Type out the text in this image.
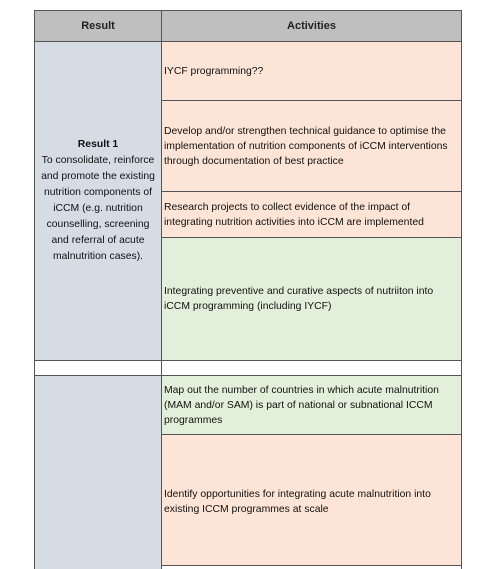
Result	Activities
Result 1
To consolidate, reinforce and promote the existing nutrition components of iCCM (e.g. nutrition counselling, screening and referral of acute malnutrition cases).
IYCF programming??
Develop and/or strengthen technical guidance to optimise the implementation of nutrition components of iCCM interventions through documentation of best practice
Research projects to collect evidence of the impact of integrating nutrition activities into iCCM are implemented
Integrating preventive and curative aspects of nutriiton into iCCM programming (including IYCF)
Map out the number of countries in which acute malnutrition (MAM and/or SAM) is part of national or subnational ICCM programmes
Identify opportunities for integrating acute malnutrition into existing ICCM programmes at scale
